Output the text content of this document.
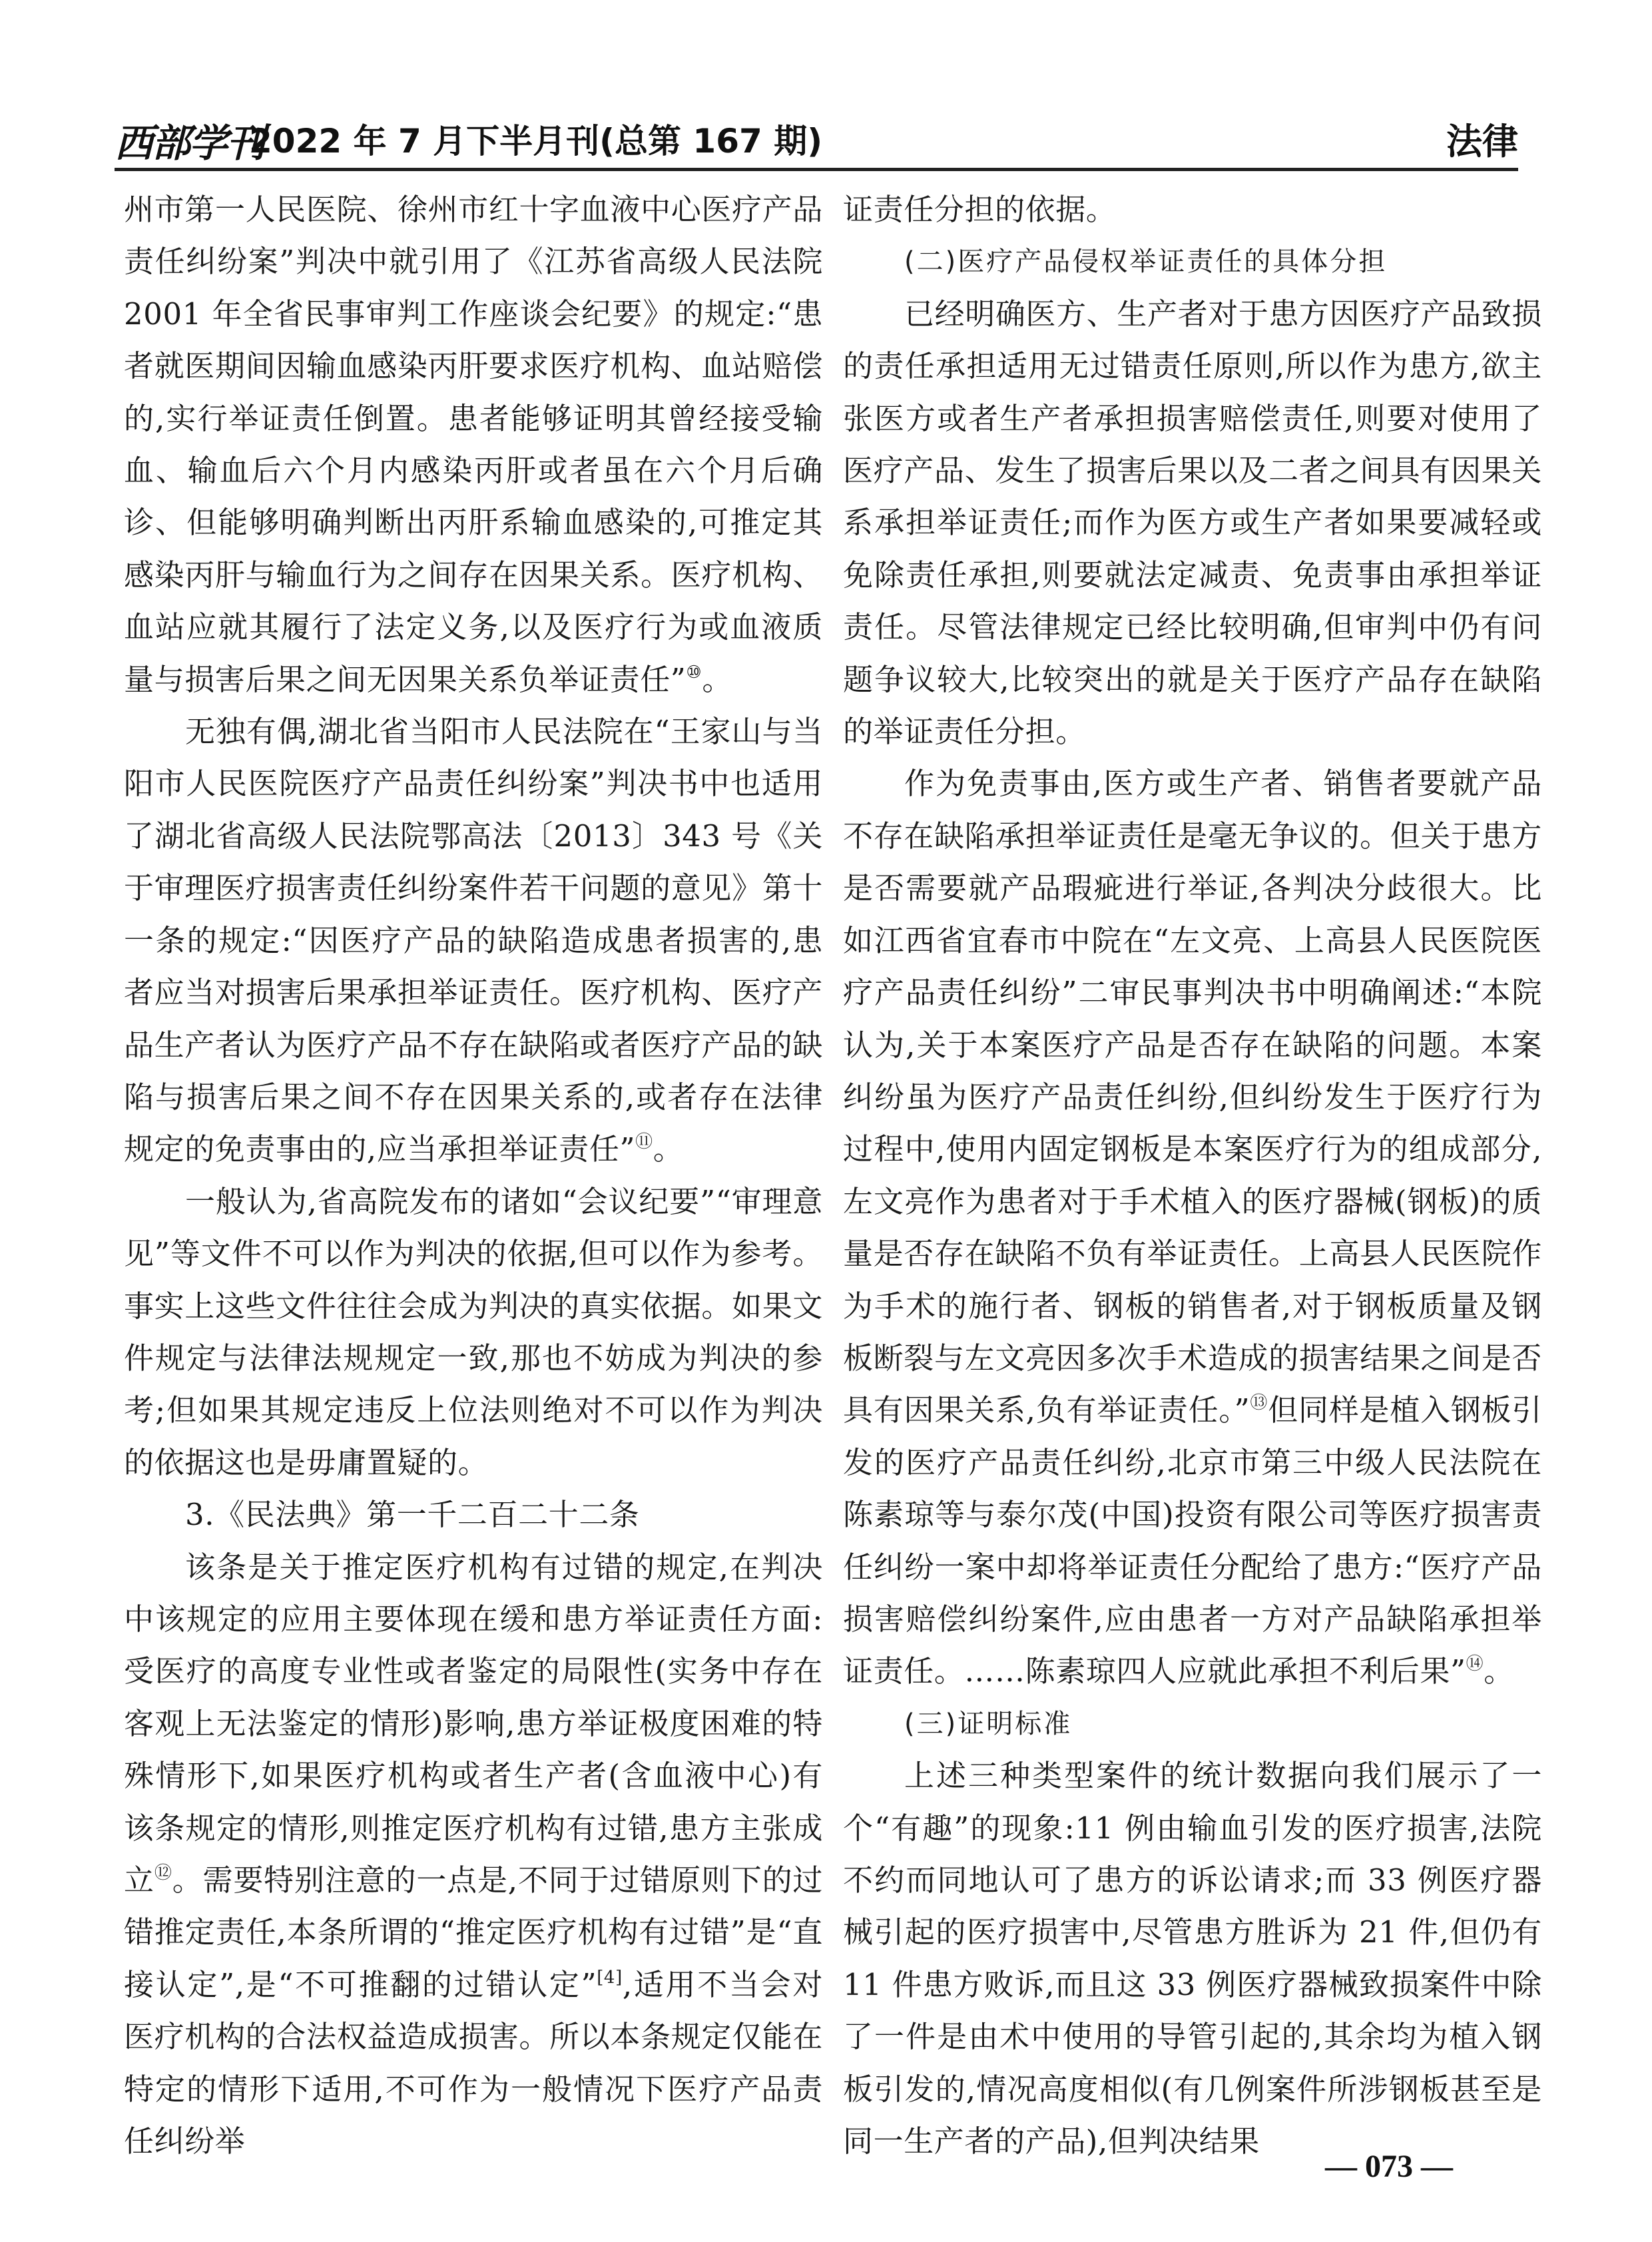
西部学刊
2022 年 7 月下半月刊(总第 167 期)	法律

州市第一人民医院、徐州市红十字血液中心医疗产品责任纠纷案”判决中就引用了《江苏省高级人民法院 2001 年全省民事审判工作座谈会纪要》的规定:“患者就医期间因输血感染丙肝要求医疗机构、血站赔偿的,实行举证责任倒置。患者能够证明其曾经接受输血、输血后六个月内感染丙肝或者虽在六个月后确诊、但能够明确判断出丙肝系输血感染的,可推定其感染丙肝与输血行为之间存在因果关系。医疗机构、血站应就其履行了法定义务,以及医疗行为或血液质量与损害后果之间无因果关系负举证责任”⑩。

无独有偶,湖北省当阳市人民法院在“王家山与当阳市人民医院医疗产品责任纠纷案”判决书中也适用了湖北省高级人民法院鄂高法〔2013〕343 号《关于审理医疗损害责任纠纷案件若干问题的意见》第十一条的规定:“因医疗产品的缺陷造成患者损害的,患者应当对损害后果承担举证责任。医疗机构、医疗产品生产者认为医疗产品不存在缺陷或者医疗产品的缺陷与损害后果之间不存在因果关系的,或者存在法律规定的免责事由的,应当承担举证责任”⑪。

一般认为,省高院发布的诸如“会议纪要”“审理意见”等文件不可以作为判决的依据,但可以作为参考。事实上这些文件往往会成为判决的真实依据。如果文件规定与法律法规规定一致,那也不妨成为判决的参考;但如果其规定违反上位法则绝对不可以作为判决的依据这也是毋庸置疑的。

3.《民法典》第一千二百二十二条

该条是关于推定医疗机构有过错的规定,在判决中该规定的应用主要体现在缓和患方举证责任方面:受医疗的高度专业性或者鉴定的局限性(实务中存在客观上无法鉴定的情形)影响,患方举证极度困难的特殊情形下,如果医疗机构或者生产者(含血液中心)有该条规定的情形,则推定医疗机构有过错,患方主张成立⑫。需要特别注意的一点是,不同于过错原则下的过错推定责任,本条所谓的“推定医疗机构有过错”是“直接认定”,是“不可推翻的过错认定”[4],适用不当会对医疗机构的合法权益造成损害。所以本条规定仅能在特定的情形下适用,不可作为一般情况下医疗产品责任纠纷举

证责任分担的依据。

(二)医疗产品侵权举证责任的具体分担

已经明确医方、生产者对于患方因医疗产品致损的责任承担适用无过错责任原则,所以作为患方,欲主张医方或者生产者承担损害赔偿责任,则要对使用了医疗产品、发生了损害后果以及二者之间具有因果关系承担举证责任;而作为医方或生产者如果要减轻或免除责任承担,则要就法定减责、免责事由承担举证责任。尽管法律规定已经比较明确,但审判中仍有问题争议较大,比较突出的就是关于医疗产品存在缺陷的举证责任分担。

作为免责事由,医方或生产者、销售者要就产品不存在缺陷承担举证责任是毫无争议的。但关于患方是否需要就产品瑕疵进行举证,各判决分歧很大。比如江西省宜春市中院在“左文亮、上高县人民医院医疗产品责任纠纷”二审民事判决书中明确阐述:“本院认为,关于本案医疗产品是否存在缺陷的问题。本案纠纷虽为医疗产品责任纠纷,但纠纷发生于医疗行为过程中,使用内固定钢板是本案医疗行为的组成部分,左文亮作为患者对于手术植入的医疗器械(钢板)的质量是否存在缺陷不负有举证责任。上高县人民医院作为手术的施行者、钢板的销售者,对于钢板质量及钢板断裂与左文亮因多次手术造成的损害结果之间是否具有因果关系,负有举证责任。”⑬但同样是植入钢板引发的医疗产品责任纠纷,北京市第三中级人民法院在陈素琼等与泰尔茂(中国)投资有限公司等医疗损害责任纠纷一案中却将举证责任分配给了患方:“医疗产品损害赔偿纠纷案件,应由患者一方对产品缺陷承担举证责任。……陈素琼四人应就此承担不利后果”⑭。

(三)证明标准

上述三种类型案件的统计数据向我们展示了一个“有趣”的现象:11 例由输血引发的医疗损害,法院不约而同地认可了患方的诉讼请求;而 33 例医疗器械引起的医疗损害中,尽管患方胜诉为 21 件,但仍有 11 件患方败诉,而且这 33 例医疗器械致损案件中除了一件是由术中使用的导管引起的,其余均为植入钢板引发的,情况高度相似(有几例案件所涉钢板甚至是同一生产者的产品),但判决结果

— 073 —
